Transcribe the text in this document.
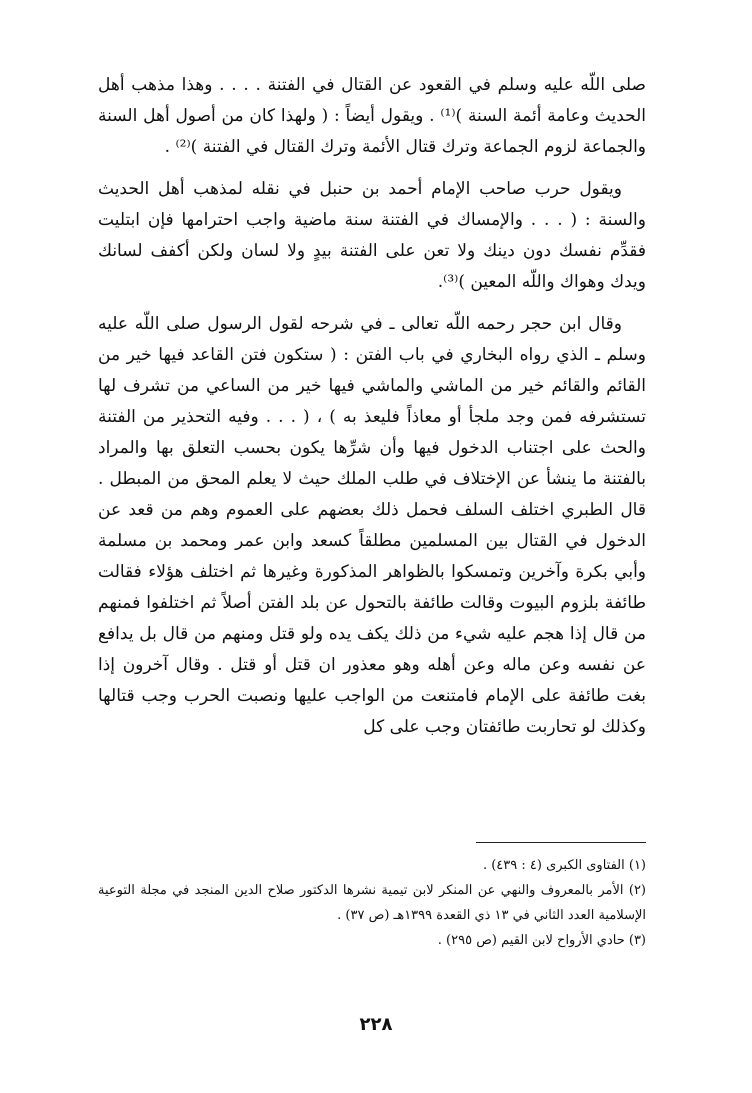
صلى اللّه عليه وسلم في القعود عن القتال في الفتنة . . . . وهذا مذهب أهل الحديث وعامة أئمة السنة )⁽¹⁾ . ويقول أيضاً : ( ولهذا كان من أصول أهل السنة والجماعة لزوم الجماعة وترك قتال الأئمة وترك القتال في الفتنة )⁽²⁾ .

ويقول حرب صاحب الإمام أحمد بن حنبل في نقله لمذهب أهل الحديث والسنة : ( . . . والإمساك في الفتنة سنة ماضية واجب احترامها فإن ابتليت فقدِّم نفسك دون دينك ولا تعن على الفتنة بيدٍ ولا لسان ولكن أكفف لسانك ويدك وهواك واللّه المعين )⁽³⁾.

وقال ابن حجر رحمه اللّه تعالى ـ في شرحه لقول الرسول صلى اللّه عليه وسلم ـ الذي رواه البخاري في باب الفتن : ( ستكون فتن القاعد فيها خير من القائم والقائم خير من الماشي والماشي فيها خير من الساعي من تشرف لها تستشرفه فمن وجد ملجأ أو معاذاً فليعذ به ) ، ( . . . وفيه التحذير من الفتنة والحث على اجتناب الدخول فيها وأن شرِّها يكون بحسب التعلق بها والمراد بالفتنة ما ينشأ عن الإختلاف في طلب الملك حيث لا يعلم المحق من المبطل . قال الطبري اختلف السلف فحمل ذلك بعضهم على العموم وهم من قعد عن الدخول في القتال بين المسلمين مطلقاً كسعد وابن عمر ومحمد بن مسلمة وأبي بكرة وآخرين وتمسكوا بالظواهر المذكورة وغيرها ثم اختلف هؤلاء فقالت طائفة بلزوم البيوت وقالت طائفة بالتحول عن بلد الفتن أصلاً ثم اختلفوا فمنهم من قال إذا هجم عليه شيء من ذلك يكف يده ولو قتل ومنهم من قال بل يدافع عن نفسه وعن ماله وعن أهله وهو معذور ان قتل أو قتل . وقال آخرون إذا بغت طائفة على الإمام فامتنعت من الواجب عليها ونصبت الحرب وجب قتالها وكذلك لو تحاربت طائفتان وجب على كل

(١) الفتاوى الكبرى (٤ : ٤٣٩) .

(٢) الأمر بالمعروف والنهي عن المنكر لابن تيمية نشرها الدكتور صلاح الدين المنجد في مجلة التوعية الإسلامية العدد الثاني في ١٣ ذي القعدة ١٣٩٩هـ (ص ٣٧) .

(٣) حادي الأرواح لابن القيم (ص ٢٩٥) .

٢٢٨
